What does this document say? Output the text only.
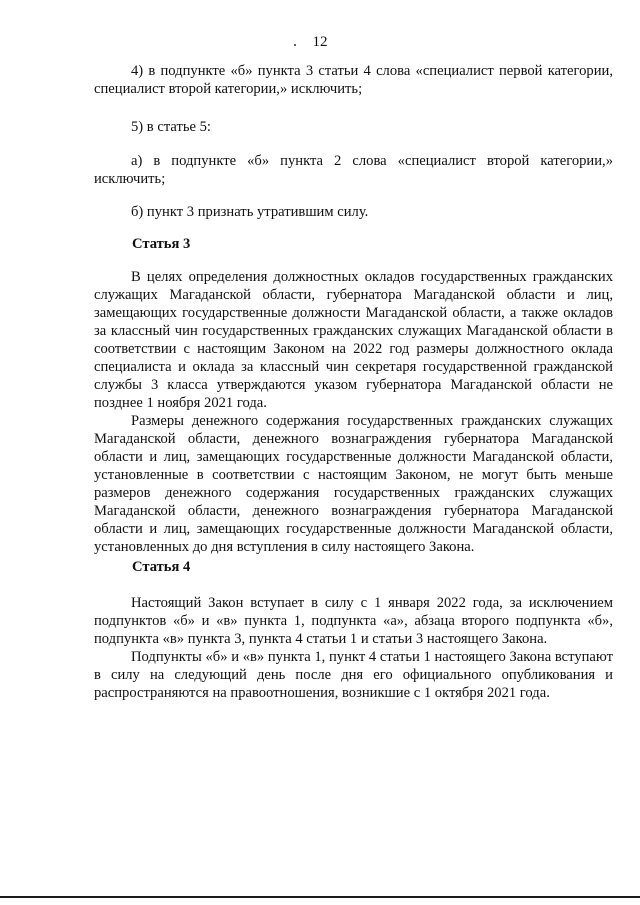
12

4) в подпункте «б» пункта 3 статьи 4 слова «специалист первой категории, специалист второй категории,» исключить;

5) в статье 5:

а) в подпункте «б» пункта 2 слова «специалист второй категории,» исключить;

б) пункт 3 признать утратившим силу.

Статья 3

В целях определения должностных окладов государственных гражданских служащих Магаданской области, губернатора Магаданской области и лиц, замещающих государственные должности Магаданской области, а также окладов за классный чин государственных гражданских служащих Магаданской области в соответствии с настоящим Законом на 2022 год размеры должностного оклада специалиста и оклада за классный чин секретаря государственной гражданской службы 3 класса утверждаются указом губернатора Магаданской области не позднее 1 ноября 2021 года.

Размеры денежного содержания государственных гражданских служащих Магаданской области, денежного вознаграждения губернатора Магаданской области и лиц, замещающих государственные должности Магаданской области, установленные в соответствии с настоящим Законом, не могут быть меньше размеров денежного содержания государственных гражданских служащих Магаданской области, денежного вознаграждения губернатора Магаданской области и лиц, замещающих государственные должности Магаданской области, установленных до дня вступления в силу настоящего Закона.

Статья 4

Настоящий Закон вступает в силу с 1 января 2022 года, за исключением подпунктов «б» и «в» пункта 1, подпункта «а», абзаца второго подпункта «б», подпункта «в» пункта 3, пункта 4 статьи 1 и статьи 3 настоящего Закона.

Подпункты «б» и «в» пункта 1, пункт 4 статьи 1 настоящего Закона вступают в силу на следующий день после дня его официального опубликования и распространяются на правоотношения, возникшие с 1 октября 2021 года.
